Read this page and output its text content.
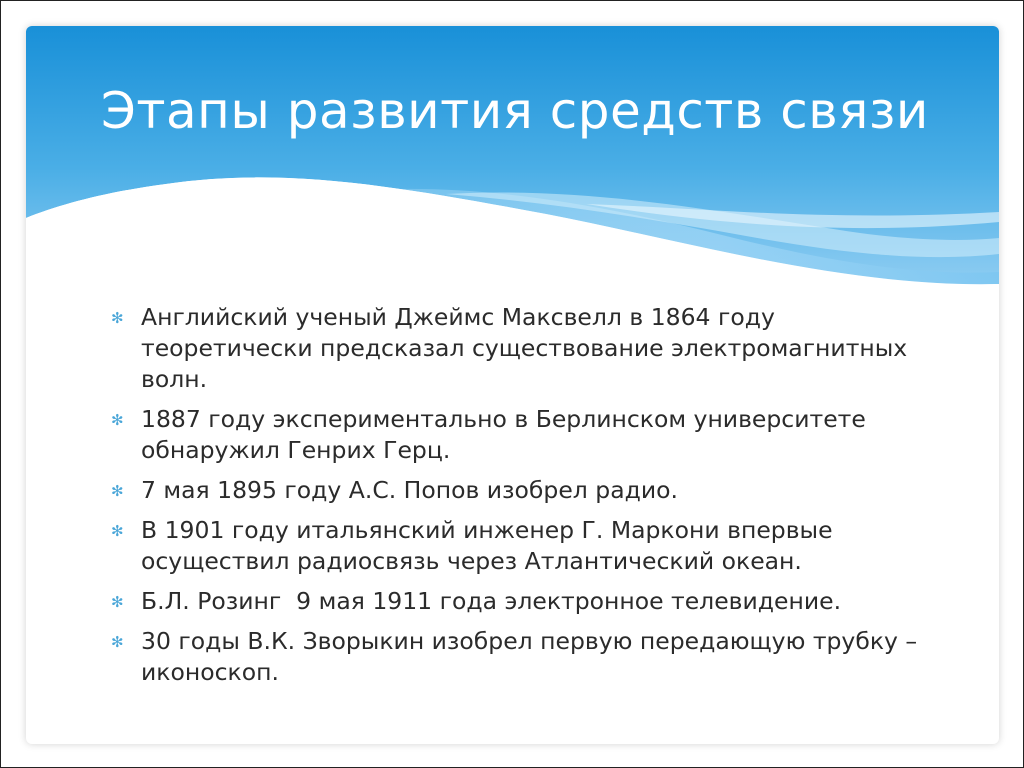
Этапы развития средств связи
✻ Английский ученый Джеймс Максвелл в 1864 году теоретически предсказал существование электромагнитных волн.
✻ 1887 году экспериментально в Берлинском университете обнаружил Генрих Герц.
✻ 7 мая 1895 году А.С. Попов изобрел радио.
✻ В 1901 году итальянский инженер Г. Маркони впервые осуществил радиосвязь через Атлантический океан.
✻ Б.Л. Розинг  9 мая 1911 года электронное телевидение.
✻ 30 годы В.К. Зворыкин изобрел первую передающую трубку –иконоскоп.
